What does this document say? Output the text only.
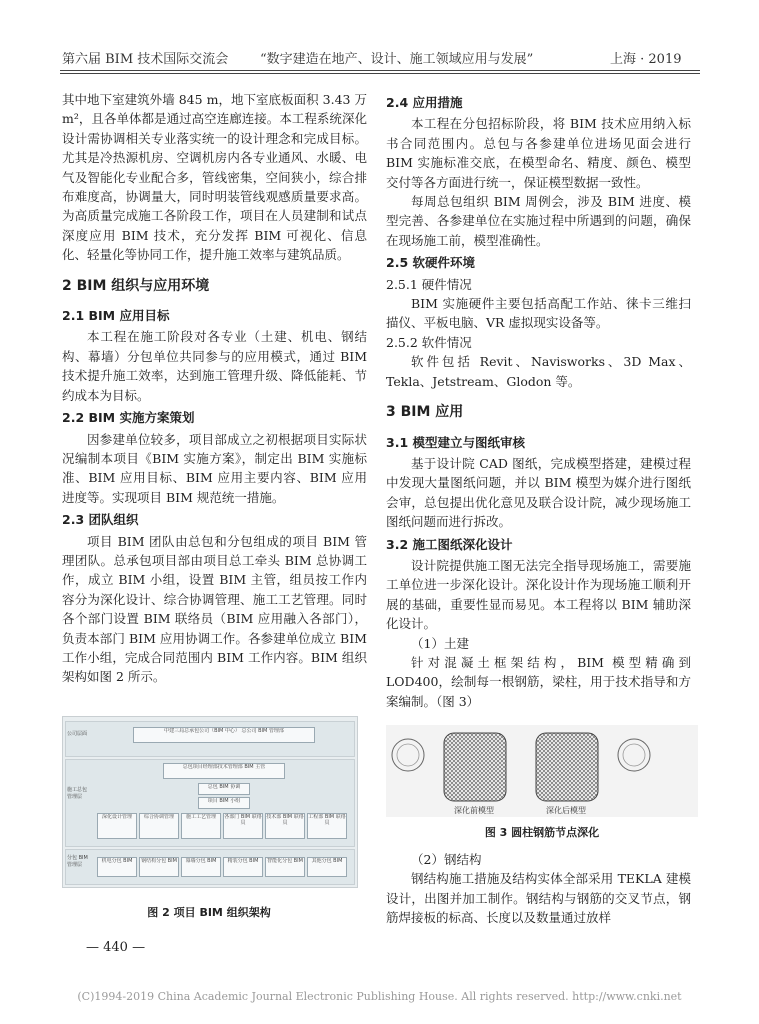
第六届 BIM 技术国际交流会 “数字建造在地产、设计、施工领域应用与发展”	上海 · 2019

其中地下室建筑外墙 845 m，地下室底板面积 3.43 万 m²，且各单体都是通过高空连廊连接。本工程系统深化设计需协调相关专业落实统一的设计理念和完成目标。尤其是冷热源机房、空调机房内各专业通风、水暖、电气及智能化专业配合多，管线密集，空间狭小，综合排布难度高，协调量大，同时明装管线观感质量要求高。为高质量完成施工各阶段工作，项目在人员建制和试点深度应用 BIM 技术，充分发挥 BIM 可视化、信息化、轻量化等协同工作，提升施工效率与建筑品质。

2 BIM 组织与应用环境

2.1 BIM 应用目标

本工程在施工阶段对各专业（土建、机电、钢结构、幕墙）分包单位共同参与的应用模式，通过 BIM 技术提升施工效率，达到施工管理升级、降低能耗、节约成本为目标。

2.2 BIM 实施方案策划

因参建单位较多，项目部成立之初根据项目实际状况编制本项目《BIM 实施方案》，制定出 BIM 实施标准、BIM 应用目标、BIM 应用主要内容、BIM 应用进度等。实现项目 BIM 规范统一措施。

2.3 团队组织

项目 BIM 团队由总包和分包组成的项目 BIM 管理团队。总承包项目部由项目总工牵头 BIM 总协调工作，成立 BIM 小组，设置 BIM 主管，组员按工作内容分为深化设计、综合协调管理、施工工艺管理。同时各个部门设置 BIM 联络员（BIM 应用融入各部门），负责本部门 BIM 应用协调工作。各参建单位成立 BIM 工作小组，完成合同范围内 BIM 工作内容。BIM 组织架构如图 2 所示。

公司层面
施工总包管理层
分包 BIM 管理层
中建三局总承包公司（BIM 中心） 总公司 BIM 管理部
总包项目经理部技术管理部 BIM 主管
总包 BIM 协调
项目 BIM 小组
深化设计管理	综合协调管理	施工工艺管理	各部门 BIM 联络员
技术部 BIM 联络员
工程部 BIM 联络员
机电分包 BIM	钢结构分包 BIM	幕墙分包 BIM	精装分包 BIM	智能化分包 BIM	其他分包 BIM
图 2 项目 BIM 组织架构
— 440 —

2.4 应用措施

本工程在分包招标阶段，将 BIM 技术应用纳入标书合同范围内。总包与各参建单位进场见面会进行 BIM 实施标准交底，在模型命名、精度、颜色、模型交付等各方面进行统一，保证模型数据一致性。

每周总包组织 BIM 周例会，涉及 BIM 进度、模型完善、各参建单位在实施过程中所遇到的问题，确保在现场施工前，模型准确性。

2.5 软硬件环境

2.5.1 硬件情况

BIM 实施硬件主要包括高配工作站、徕卡三维扫描仪、平板电脑、VR 虚拟现实设备等。

2.5.2 软件情况

软件包括 Revit、Navisworks、3D Max、Tekla、Jetstream、Glodon 等。

3 BIM 应用

3.1 模型建立与图纸审核

基于设计院 CAD 图纸，完成模型搭建，建模过程中发现大量图纸问题，并以 BIM 模型为媒介进行图纸会审，总包提出优化意见及联合设计院，减少现场施工图纸问题而进行拆改。

3.2 施工图纸深化设计

设计院提供施工图无法完全指导现场施工，需要施工单位进一步深化设计。深化设计作为现场施工顺利开展的基础，重要性显而易见。本工程将以 BIM 辅助深化设计。

（1）土建

针对混凝土框架结构，BIM 模型精确到 LOD400，绘制每一根钢筋，梁柱，用于技术指导和方案编制。（图 3）

深化前模型	深化后模型
图 3 圆柱钢筋节点深化

（2）钢结构

钢结构施工措施及结构实体全部采用 TEKLA 建模设计，出图并加工制作。钢结构与钢筋的交叉节点，钢筋焊接板的标高、长度以及数量通过放样

(C)1994-2019 China Academic Journal Electronic Publishing House. All rights reserved. http://www.cnki.net
